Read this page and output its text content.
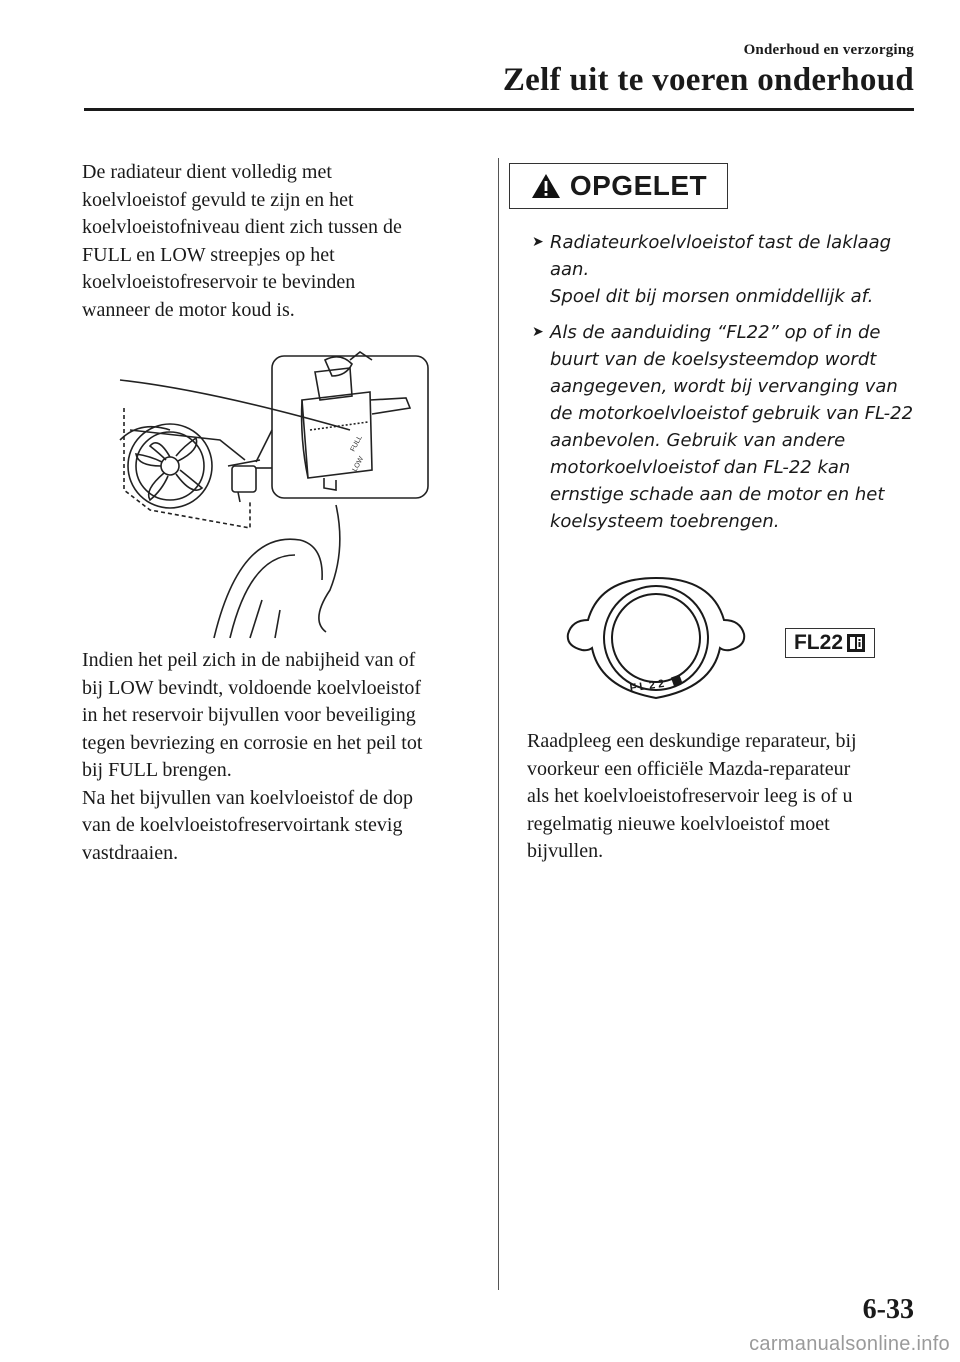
Onderhoud en verzorging
Zelf uit te voeren onderhoud

De radiateur dient volledig met
koelvloeistof gevuld te zijn en het
koelvloeistofniveau dient zich tussen de
FULL en LOW streepjes op het
koelvloeistofreservoir te bevinden
wanneer de motor koud is.

FULL
LOW

Indien het peil zich in de nabijheid van of
bij LOW bevindt, voldoende koelvloeistof
in het reservoir bijvullen voor beveiliging
tegen bevriezing en corrosie en het peil tot
bij FULL brengen.
Na het bijvullen van koelvloeistof de dop
van de koelvloeistofreservoirtank stevig
vastdraaien.

OPGELET
➤ Radiateurkoelvloeistof tast de laklaag
aan.
Spoel dit bij morsen onmiddellijk af.
➤ Als de aanduiding “FL22” op of in de
buurt van de koelsysteemdop wordt
aangegeven, wordt bij vervanging van
de motorkoelvloeistof gebruik van FL-22
aanbevolen. Gebruik van andere
motorkoelvloeistof dan FL-22 kan
ernstige schade aan de motor en het
koelsysteem toebrengen.
FL22
FL22

Raadpleeg een deskundige reparateur, bij
voorkeur een officiële Mazda-reparateur
als het koelvloeistofreservoir leeg is of u
regelmatig nieuwe koelvloeistof moet
bijvullen.

6-33
carmanualsonline.info
